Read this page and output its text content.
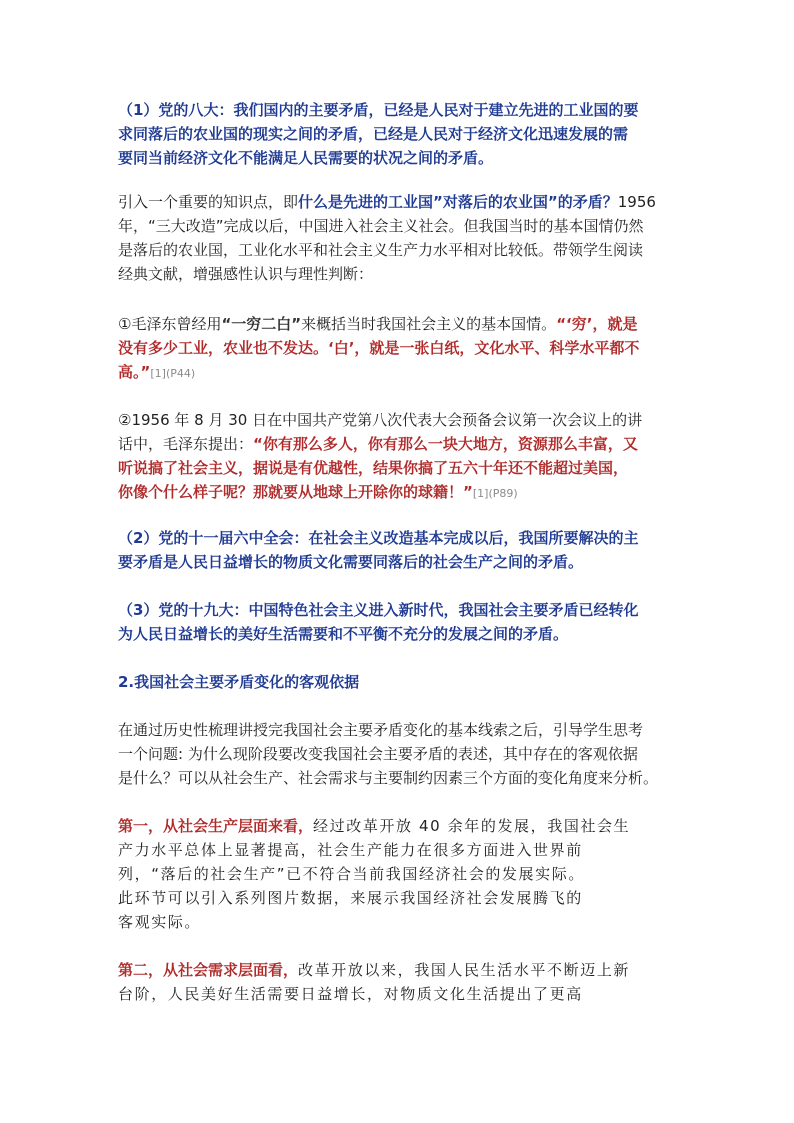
（1）党的八大：我们国内的主要矛盾，已经是人民对于建立先进的工业国的要
求同落后的农业国的现实之间的矛盾，已经是人民对于经济文化迅速发展的需
要同当前经济文化不能满足人民需要的状况之间的矛盾。

引入一个重要的知识点，即什么是先进的工业国”对落后的农业国”的矛盾？1956
年，“三大改造”完成以后，中国进入社会主义社会。但我国当时的基本国情仍然
是落后的农业国，工业化水平和社会主义生产力水平相对比较低。带领学生阅读
经典文献，增强感性认识与理性判断：

①毛泽东曾经用“一穷二白”来概括当时我国社会主义的基本国情。“‘穷’，就是
没有多少工业，农业也不发达。‘白’，就是一张白纸，文化水平、科学水平都不
高。”[1](P44)

②1956 年 8 月 30 日在中国共产党第八次代表大会预备会议第一次会议上的讲
话中，毛泽东提出：“你有那么多人，你有那么一块大地方，资源那么丰富，又
听说搞了社会主义，据说是有优越性，结果你搞了五六十年还不能超过美国，
你像个什么样子呢？那就要从地球上开除你的球籍！”[1](P89)

（2）党的十一届六中全会：在社会主义改造基本完成以后，我国所要解决的主
要矛盾是人民日益增长的物质文化需要同落后的社会生产之间的矛盾。

（3）党的十九大：中国特色社会主义进入新时代，我国社会主要矛盾已经转化
为人民日益增长的美好生活需要和不平衡不充分的发展之间的矛盾。

2.我国社会主要矛盾变化的客观依据

在通过历史性梳理讲授完我国社会主要矛盾变化的基本线索之后，引导学生思考
一个问题: 为什么现阶段要改变我国社会主要矛盾的表述，其中存在的客观依据
是什么？可以从社会生产、社会需求与主要制约因素三个方面的变化角度来分析。

第一，从社会生产层面来看，经过改革开放 40 余年的发展，我国社会生
产力水平总体上显著提高，社会生产能力在很多方面进入世界前
列，“落后的社会生产”已不符合当前我国经济社会的发展实际。
此环节可以引入系列图片数据，来展示我国经济社会发展腾飞的
客观实际。

第二，从社会需求层面看，改革开放以来，我国人民生活水平不断迈上新
台阶，人民美好生活需要日益增长，对物质文化生活提出了更高
